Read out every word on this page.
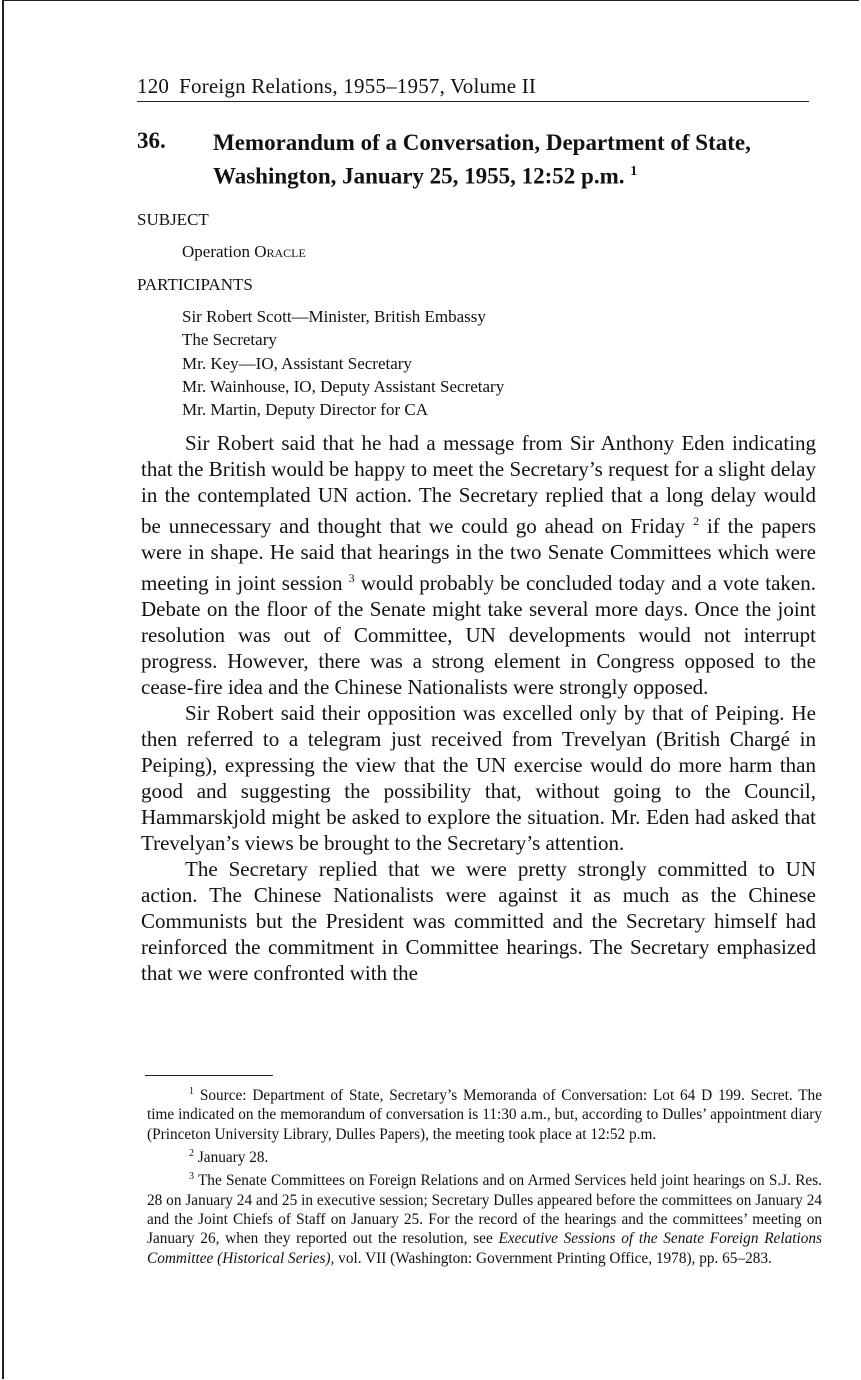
120 Foreign Relations, 1955–1957, Volume II
36. Memorandum of a Conversation, Department of State,
Washington, January 25, 1955, 12:52 p.m. $^1$
SUBJECT
Operation Oracle
PARTICIPANTS
Sir Robert Scott—Minister, British Embassy
The Secretary
Mr. Key—IO, Assistant Secretary
Mr. Wainhouse, IO, Deputy Assistant Secretary
Mr. Martin, Deputy Director for CA

Sir Robert said that he had a message from Sir Anthony Eden indicating that the British would be happy to meet the Secretary’s request for a slight delay in the contemplated UN action. The Secretary replied that a long delay would be unnecessary and thought that we could go ahead on Friday $^2$ if the papers were in shape. He said that hearings in the two Senate Committees which were meeting in joint session $^3$ would probably be concluded today and a vote taken. Debate on the floor of the Senate might take several more days. Once the joint resolution was out of Committee, UN developments would not interrupt progress. However, there was a strong element in Congress opposed to the cease-fire idea and the Chinese Nationalists were strongly opposed.

Sir Robert said their opposition was excelled only by that of Peiping. He then referred to a telegram just received from Trevelyan (British Chargé in Peiping), expressing the view that the UN exercise would do more harm than good and suggesting the possibility that, without going to the Council, Hammarskjold might be asked to explore the situation. Mr. Eden had asked that Trevelyan’s views be brought to the Secretary’s attention.

The Secretary replied that we were pretty strongly committed to UN action. The Chinese Nationalists were against it as much as the Chinese Communists but the President was committed and the Secretary himself had reinforced the commitment in Committee hearings. The Secretary emphasized that we were confronted with the

$^1$ Source: Department of State, Secretary’s Memoranda of Conversation: Lot 64 D 199. Secret. The time indicated on the memorandum of conversation is 11:30 a.m., but, according to Dulles’ appointment diary (Princeton University Library, Dulles Papers), the meeting took place at 12:52 p.m.

$^2$ January 28.

$^3$ The Senate Committees on Foreign Relations and on Armed Services held joint hearings on S.J. Res. 28 on January 24 and 25 in executive session; Secretary Dulles appeared before the committees on January 24 and the Joint Chiefs of Staff on January 25. For the record of the hearings and the committees’ meeting on January 26, when they reported out the resolution, see Executive Sessions of the Senate Foreign Relations Committee (Historical Series), vol. VII (Washington: Government Printing Office, 1978), pp. 65–283.
